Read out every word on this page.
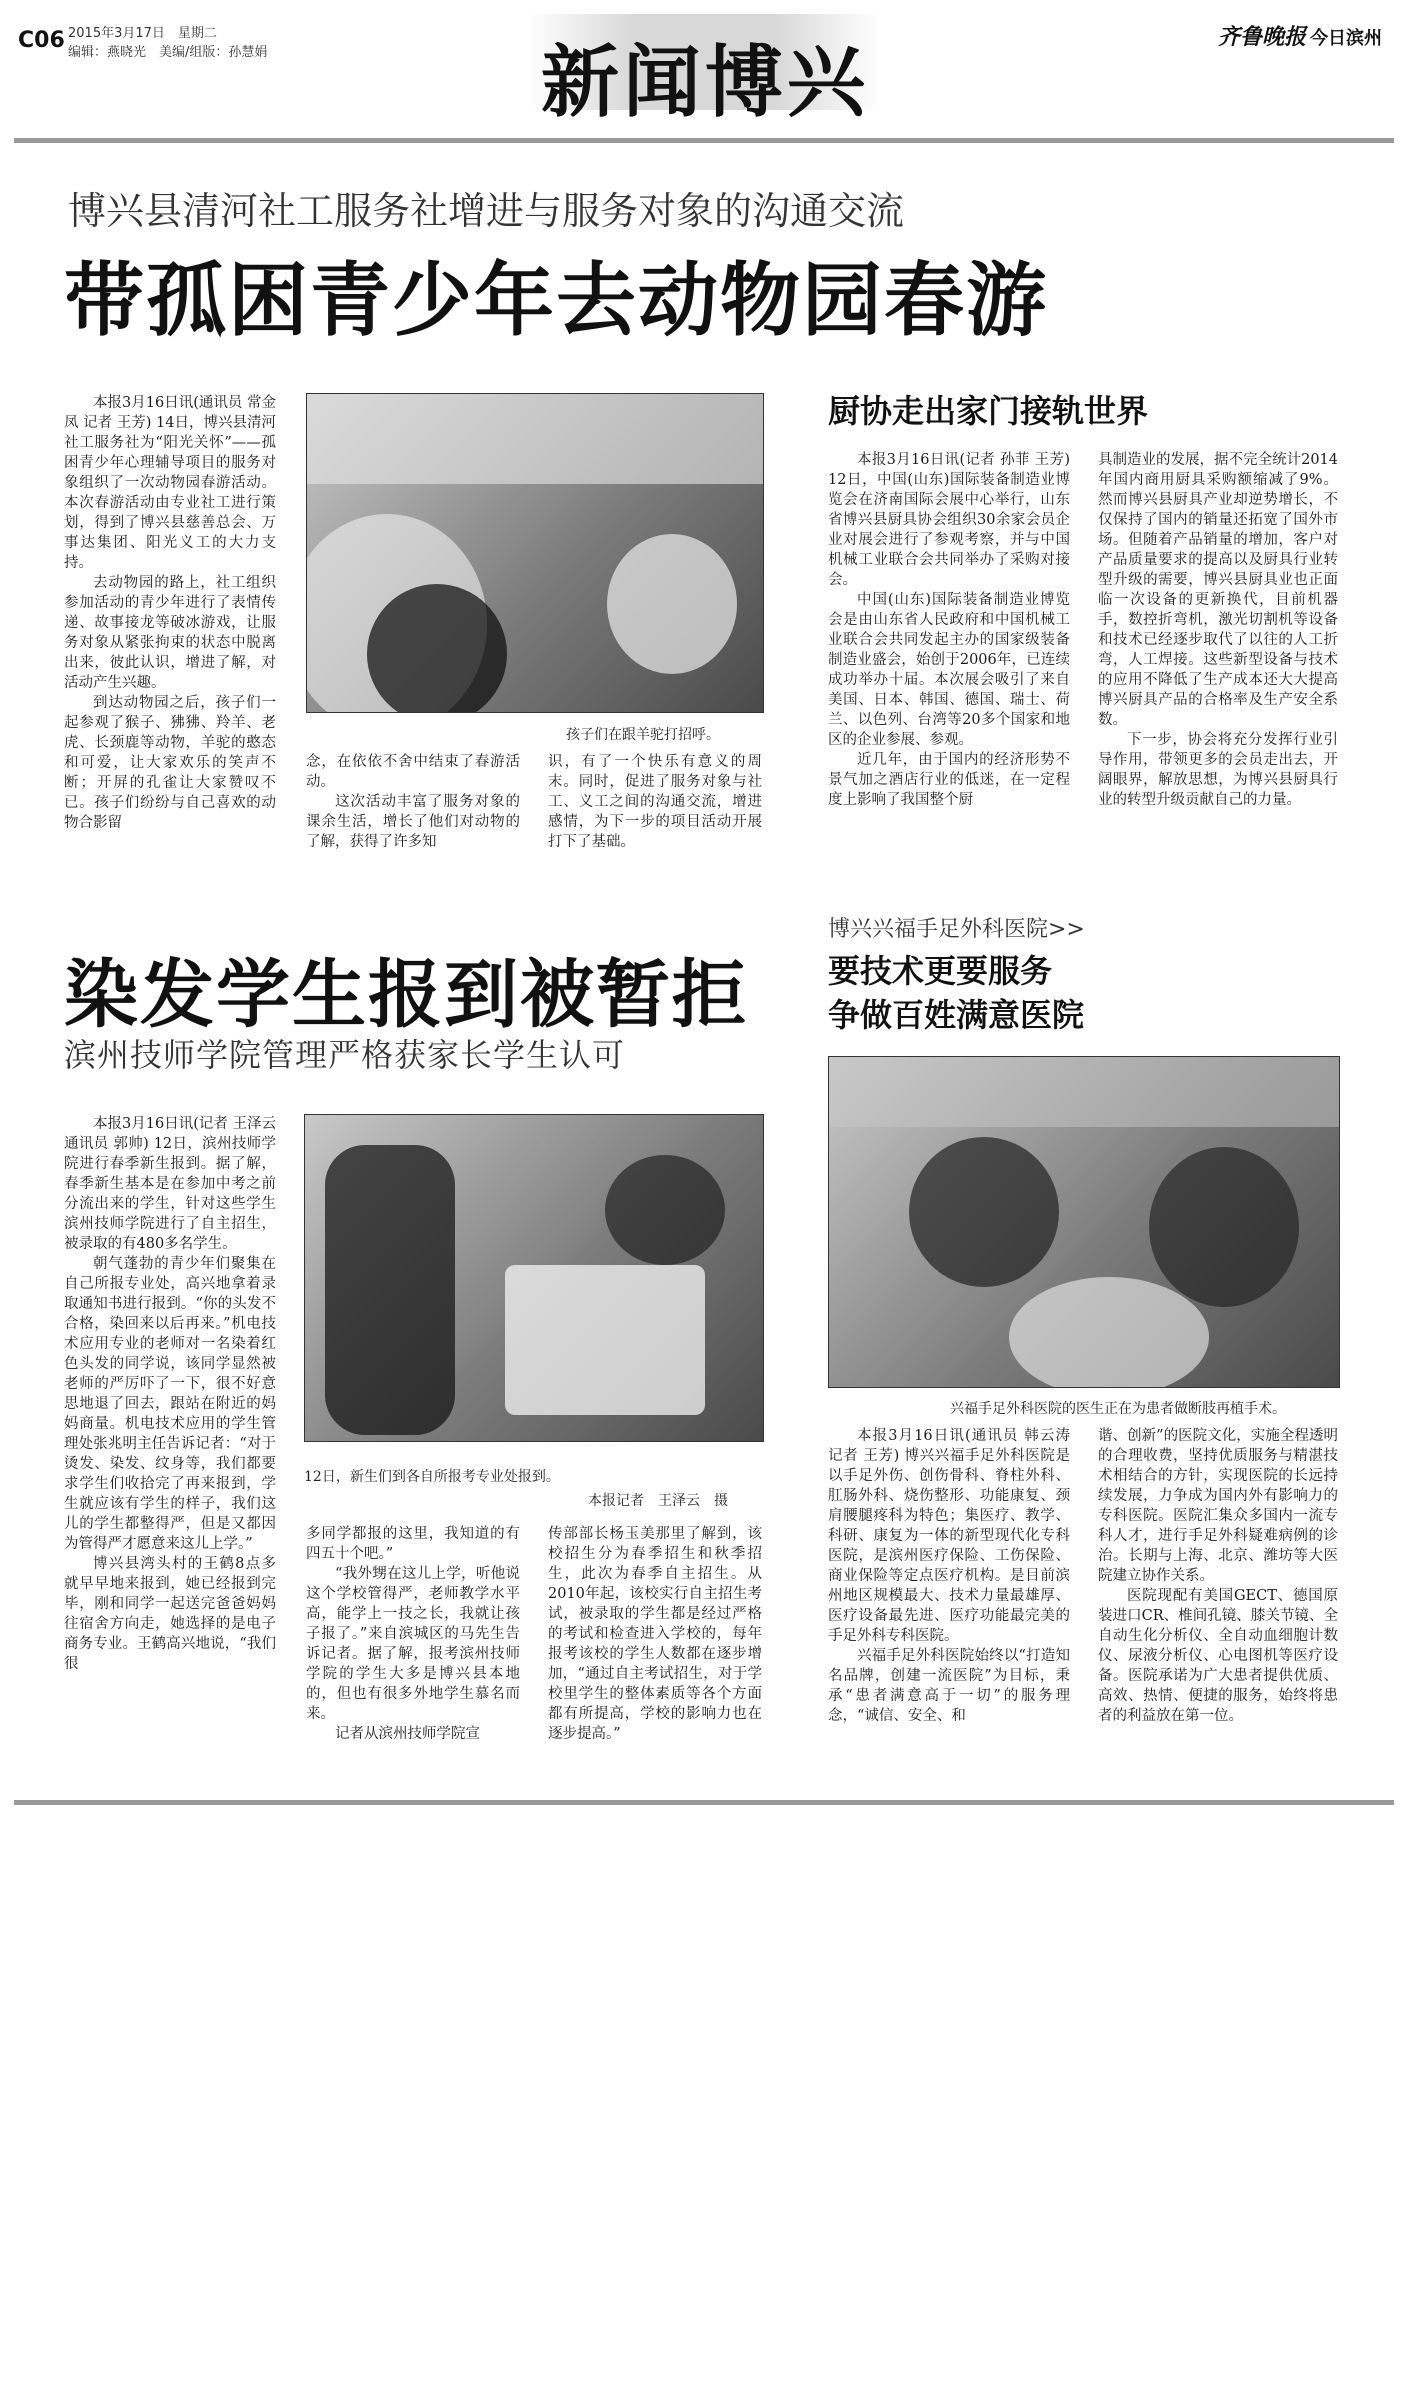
C06 2015年3月17日　星期二
编辑：燕晓光　美编/组版：孙慧娟	新闻博兴	齐鲁晚报 今日滨州
博兴县清河社工服务社增进与服务对象的沟通交流
带孤困青少年去动物园春游

本报3月16日讯(通讯员 常金凤 记者 王芳) 14日，博兴县清河社工服务社为“阳光关怀”——孤困青少年心理辅导项目的服务对象组织了一次动物园春游活动。本次春游活动由专业社工进行策划，得到了博兴县慈善总会、万事达集团、阳光义工的大力支持。

去动物园的路上，社工组织参加活动的青少年进行了表情传递、故事接龙等破冰游戏，让服务对象从紧张拘束的状态中脱离出来，彼此认识，增进了解，对活动产生兴趣。

到达动物园之后，孩子们一起参观了猴子、狒狒、羚羊、老虎、长颈鹿等动物，羊驼的憨态和可爱，让大家欢乐的笑声不断；开屏的孔雀让大家赞叹不已。孩子们纷纷与自己喜欢的动物合影留

孩子们在跟羊驼打招呼。

念，在依依不舍中结束了春游活动。

这次活动丰富了服务对象的课余生活，增长了他们对动物的了解，获得了许多知

识，有了一个快乐有意义的周末。同时，促进了服务对象与社工、义工之间的沟通交流，增进感情，为下一步的项目活动开展打下了基础。

厨协走出家门接轨世界

本报3月16日讯(记者 孙菲 王芳) 12日，中国(山东)国际装备制造业博览会在济南国际会展中心举行，山东省博兴县厨具协会组织30余家会员企业对展会进行了参观考察，并与中国机械工业联合会共同举办了采购对接会。

中国(山东)国际装备制造业博览会是由山东省人民政府和中国机械工业联合会共同发起主办的国家级装备制造业盛会，始创于2006年，已连续成功举办十届。本次展会吸引了来自美国、日本、韩国、德国、瑞士、荷兰、以色列、台湾等20多个国家和地区的企业参展、参观。

近几年，由于国内的经济形势不景气加之酒店行业的低迷，在一定程度上影响了我国整个厨

具制造业的发展，据不完全统计2014年国内商用厨具采购额缩减了9%。然而博兴县厨具产业却逆势增长，不仅保持了国内的销量还拓宽了国外市场。但随着产品销量的增加，客户对产品质量要求的提高以及厨具行业转型升级的需要，博兴县厨具业也正面临一次设备的更新换代，目前机器手，数控折弯机，激光切割机等设备和技术已经逐步取代了以往的人工折弯，人工焊接。这些新型设备与技术的应用不降低了生产成本还大大提高博兴厨具产品的合格率及生产安全系数。

下一步，协会将充分发挥行业引导作用，带领更多的会员走出去，开阔眼界，解放思想，为博兴县厨具行业的转型升级贡献自己的力量。

染发学生报到被暂拒
滨州技师学院管理严格获家长学生认可

本报3月16日讯(记者 王泽云 通讯员 郭帅) 12日，滨州技师学院进行春季新生报到。据了解，春季新生基本是在参加中考之前分流出来的学生，针对这些学生滨州技师学院进行了自主招生，被录取的有480多名学生。

朝气蓬勃的青少年们聚集在自己所报专业处，高兴地拿着录取通知书进行报到。“你的头发不合格，染回来以后再来。”机电技术应用专业的老师对一名染着红色头发的同学说，该同学显然被老师的严厉吓了一下，很不好意思地退了回去，跟站在附近的妈妈商量。机电技术应用的学生管理处张兆明主任告诉记者：“对于烫发、染发、纹身等，我们都要求学生们收拾完了再来报到，学生就应该有学生的样子，我们这儿的学生都整得严，但是又都因为管得严才愿意来这儿上学。”

博兴县湾头村的王鹤8点多就早早地来报到，她已经报到完毕，刚和同学一起送完爸爸妈妈往宿舍方向走，她选择的是电子商务专业。王鹤高兴地说，“我们很

12日，新生们到各自所报考专业处报到。
本报记者　王泽云　摄

多同学都报的这里，我知道的有四五十个吧。”

“我外甥在这儿上学，听他说这个学校管得严，老师教学水平高，能学上一技之长，我就让孩子报了。”来自滨城区的马先生告诉记者。据了解，报考滨州技师学院的学生大多是博兴县本地的，但也有很多外地学生慕名而来。

记者从滨州技师学院宣

传部部长杨玉美那里了解到，该校招生分为春季招生和秋季招生，此次为春季自主招生。从2010年起，该校实行自主招生考试，被录取的学生都是经过严格的考试和检查进入学校的，每年报考该校的学生人数都在逐步增加，“通过自主考试招生，对于学校里学生的整体素质等各个方面都有所提高，学校的影响力也在逐步提高。”

博兴兴福手足外科医院>>
要技术更要服务
争做百姓满意医院
兴福手足外科医院的医生正在为患者做断肢再植手术。

本报3月16日讯(通讯员 韩云涛 记者 王芳) 博兴兴福手足外科医院是以手足外伤、创伤骨科、脊柱外科、肛肠外科、烧伤整形、功能康复、颈肩腰腿疼科为特色；集医疗、教学、科研、康复为一体的新型现代化专科医院，是滨州医疗保险、工伤保险、商业保险等定点医疗机构。是目前滨州地区规模最大、技术力量最雄厚、医疗设备最先进、医疗功能最完美的手足外科专科医院。

兴福手足外科医院始终以“打造知名品牌，创建一流医院”为目标，秉承“患者满意高于一切”的服务理念，“诚信、安全、和

谐、创新”的医院文化，实施全程透明的合理收费，坚持优质服务与精湛技术相结合的方针，实现医院的长远持续发展，力争成为国内外有影响力的专科医院。医院汇集众多国内一流专科人才，进行手足外科疑难病例的诊治。长期与上海、北京、潍坊等大医院建立协作关系。

医院现配有美国GECT、德国原装进口CR、椎间孔镜、膝关节镜、全自动生化分析仪、全自动血细胞计数仪、尿液分析仪、心电图机等医疗设备。医院承诺为广大患者提供优质、高效、热情、便捷的服务，始终将患者的利益放在第一位。
